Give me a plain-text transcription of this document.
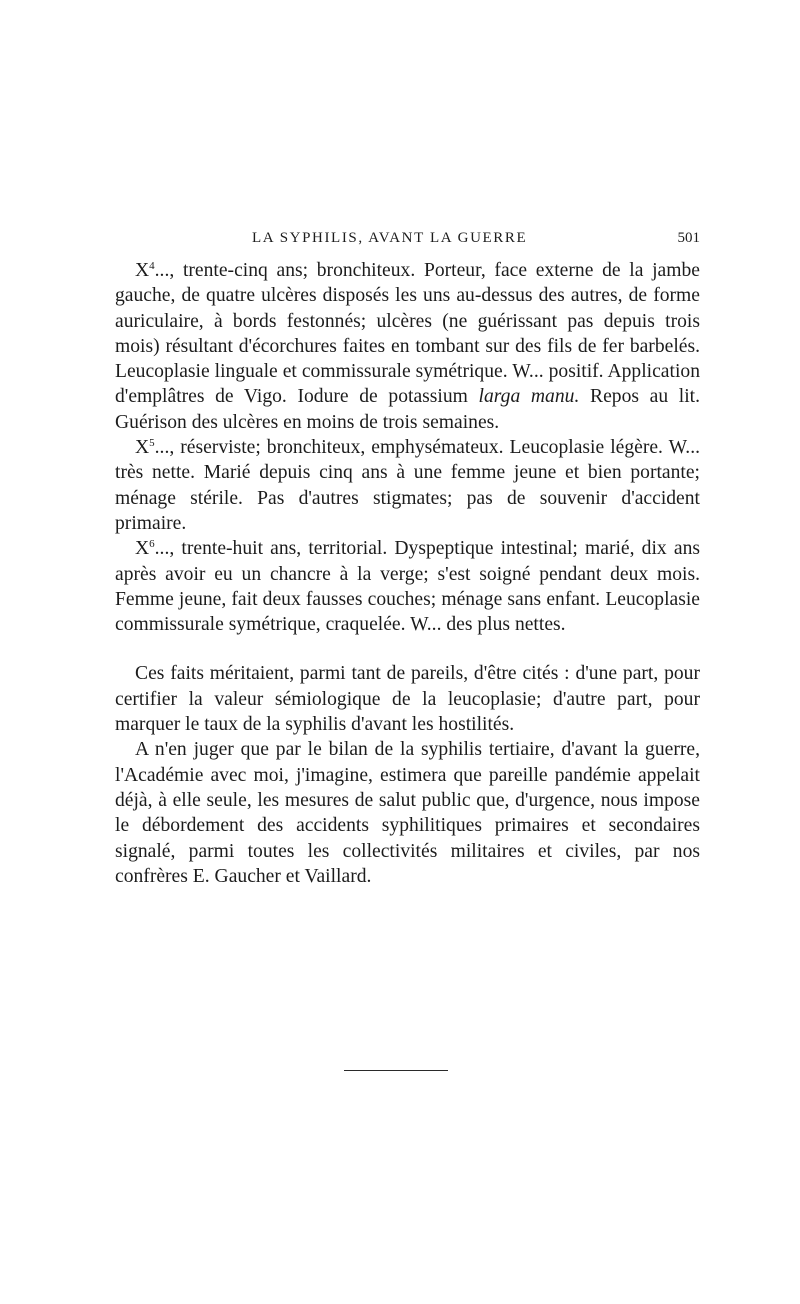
LA SYPHILIS, AVANT LA GUERRE	501

$X^4$..., trente-cinq ans; bronchiteux. Porteur, face externe de la jambe gauche, de quatre ulcères disposés les uns au-dessus des autres, de forme auriculaire, à bords festonnés; ulcères (ne guérissant pas depuis trois mois) résultant d'écorchures faites en tombant sur des fils de fer barbelés. Leucoplasie linguale et commissurale symétrique. W... positif. Application d'emplâtres de Vigo. Iodure de potassium larga manu. Repos au lit. Guérison des ulcères en moins de trois semaines.

$X^5$..., réserviste; bronchiteux, emphysémateux. Leucoplasie légère. W... très nette. Marié depuis cinq ans à une femme jeune et bien portante; ménage stérile. Pas d'autres stigmates; pas de souvenir d'accident primaire.

$X^6$..., trente-huit ans, territorial. Dyspeptique intestinal; marié, dix ans après avoir eu un chancre à la verge; s'est soigné pendant deux mois. Femme jeune, fait deux fausses couches; ménage sans enfant. Leucoplasie commissurale symétrique, craquelée. W... des plus nettes.

Ces faits méritaient, parmi tant de pareils, d'être cités : d'une part, pour certifier la valeur sémiologique de la leucoplasie; d'autre part, pour marquer le taux de la syphilis d'avant les hostilités.

A n'en juger que par le bilan de la syphilis tertiaire, d'avant la guerre, l'Académie avec moi, j'imagine, estimera que pareille pandémie appelait déjà, à elle seule, les mesures de salut public que, d'urgence, nous impose le débordement des accidents syphilitiques primaires et secondaires signalé, parmi toutes les collectivités militaires et civiles, par nos confrères E. Gaucher et Vaillard.
